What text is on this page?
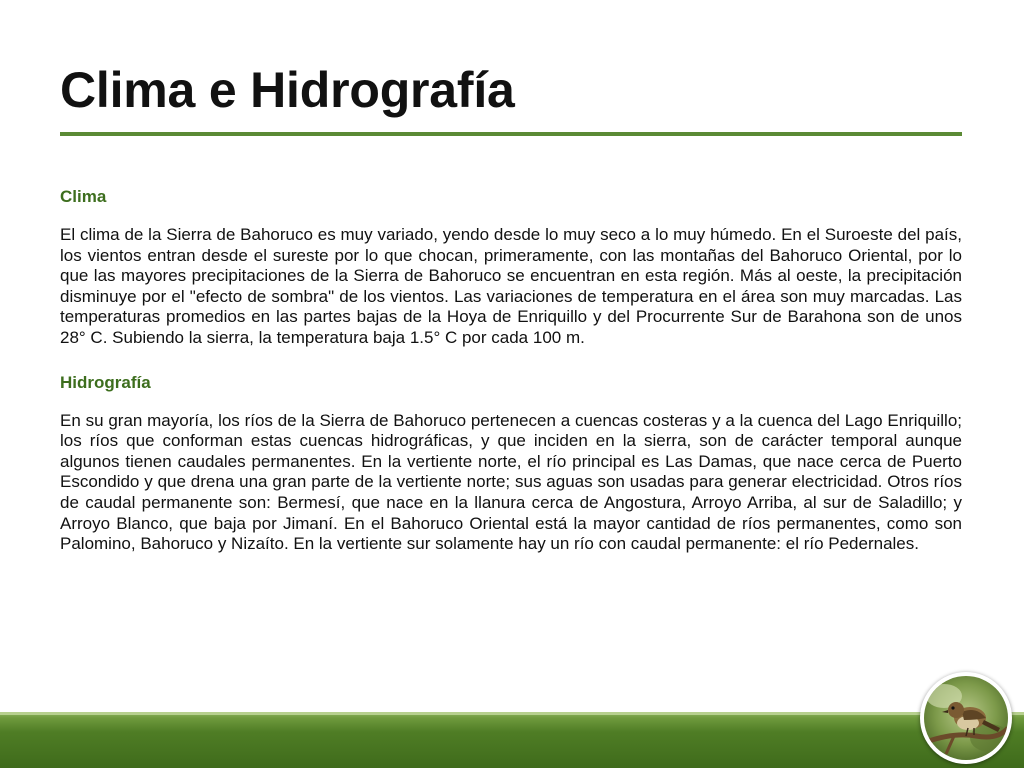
Clima e Hidrografía
Clima

El clima de la Sierra de Bahoruco es muy variado, yendo desde lo muy seco a lo muy húmedo. En el Suroeste del país, los vientos entran desde el sureste por lo que chocan, primeramente, con las montañas del Bahoruco Oriental, por lo que las mayores precipitaciones de la Sierra de Bahoruco se encuentran en esta región. Más al oeste, la precipitación disminuye por el "efecto de sombra" de los vientos. Las variaciones de temperatura en el área son muy marcadas. Las temperaturas promedios en las partes bajas de la Hoya de Enriquillo y del Procurrente Sur de Barahona son de unos 28° C. Subiendo la sierra, la temperatura baja 1.5° C por cada 100 m.

Hidrografía

En su gran mayoría, los ríos de la Sierra de Bahoruco pertenecen a cuencas costeras y a la cuenca del Lago Enriquillo; los ríos que conforman estas cuencas hidrográficas, y que inciden en la sierra, son de carácter temporal aunque algunos tienen caudales permanentes. En la vertiente norte, el río principal es Las Damas, que nace cerca de Puerto Escondido y que drena una gran parte de la vertiente norte; sus aguas son usadas para generar electricidad. Otros ríos de caudal permanente son: Bermesí, que nace en la llanura cerca de Angostura, Arroyo Arriba, al sur de Saladillo; y Arroyo Blanco, que baja por Jimaní. En el Bahoruco Oriental está la mayor cantidad de ríos permanentes, como son Palomino, Bahoruco y Nizaíto. En la vertiente sur solamente hay un río con caudal permanente: el río Pedernales.
